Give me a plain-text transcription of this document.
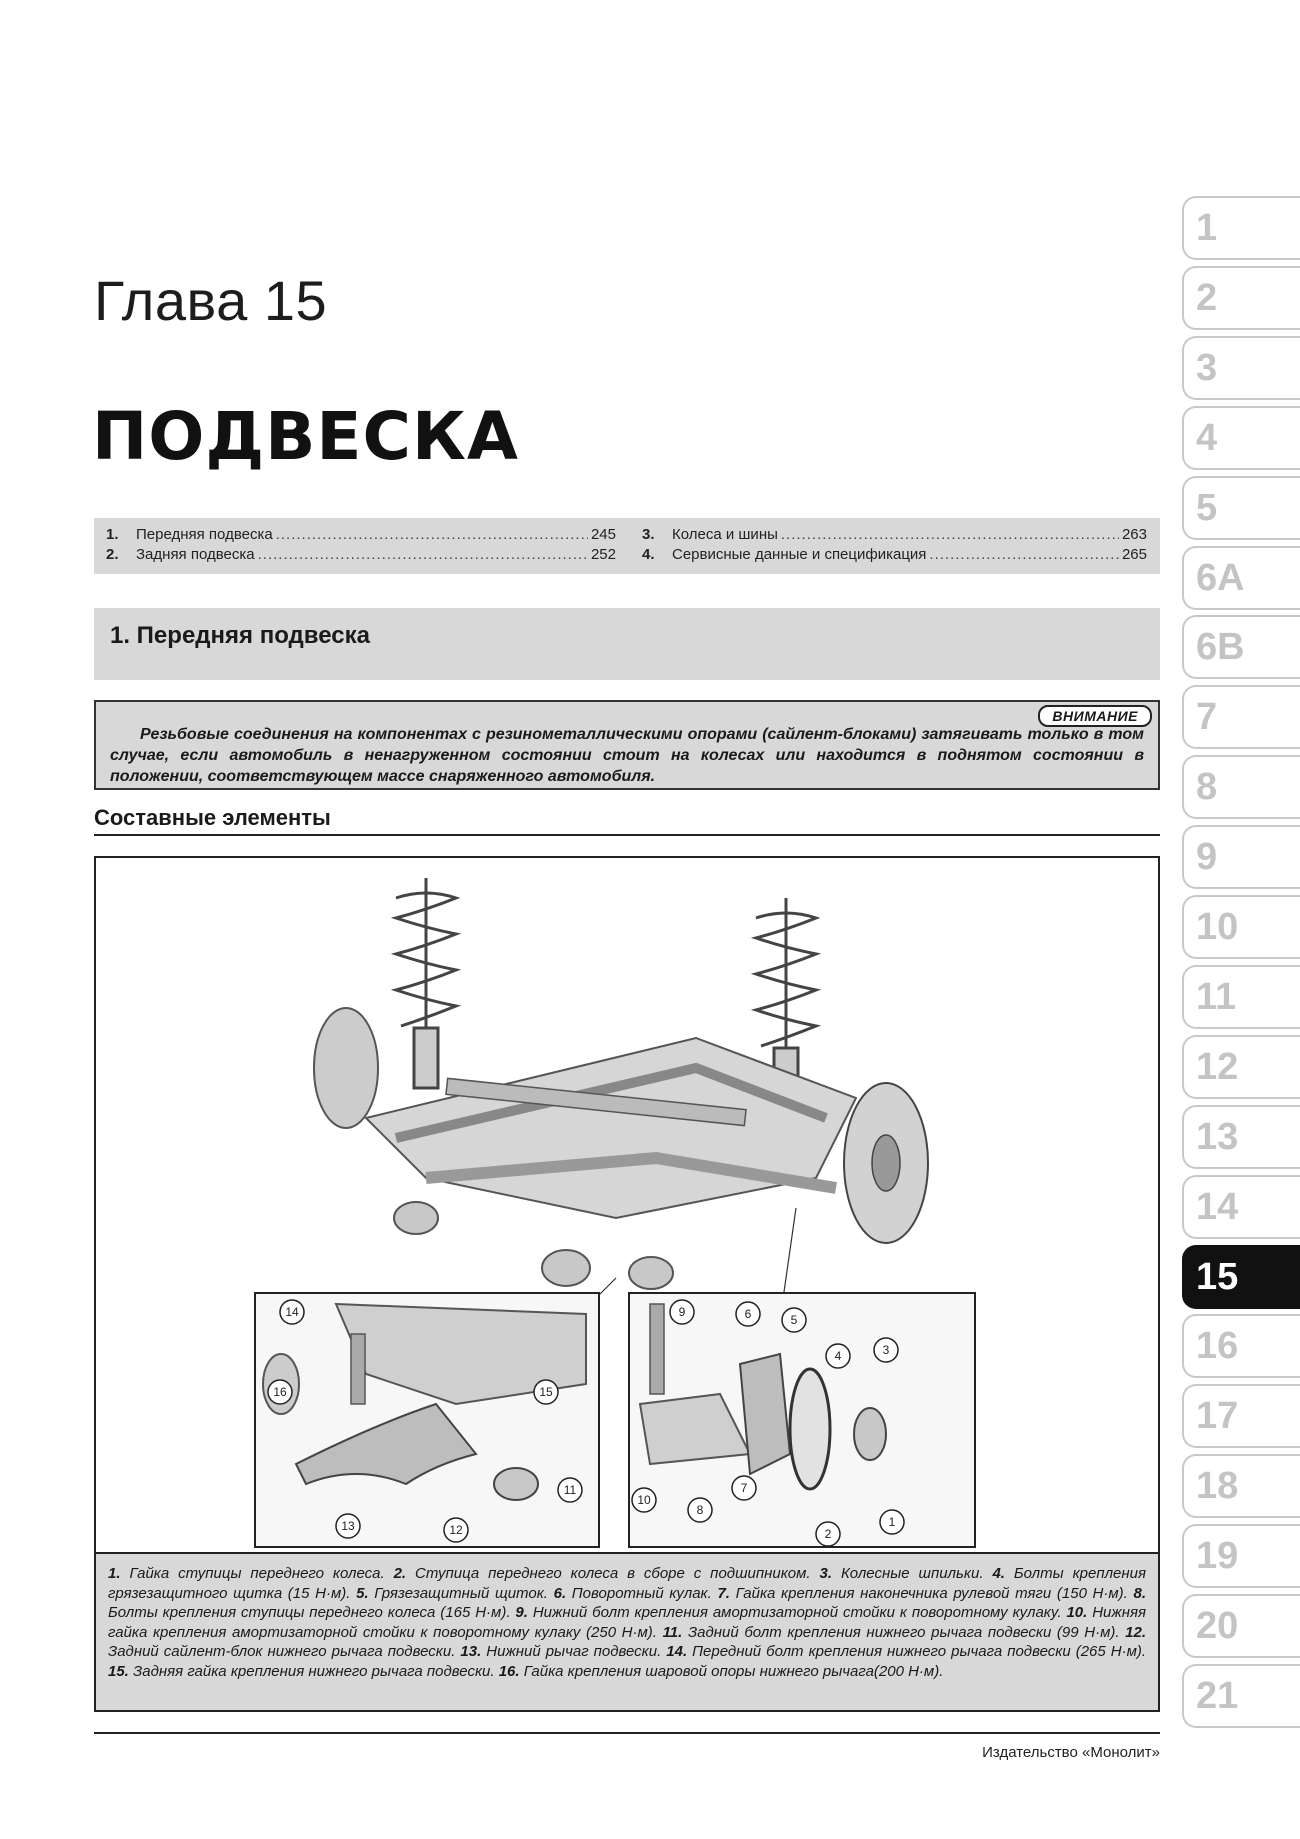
Глава 15
ПОДВЕСКА
1.	Передняя подвеска .....	245
2.	Задняя подвеска .....	252
3.	Колеса и шины .....	263
4.	Сервисные данные и спецификация .....	265
1. Передняя подвеска
ВНИМАНИЕ
Резьбовые соединения на компонентах с резинометаллическими опорами (сайлент-блоками) затягивать только в том случае, если автомобиль в ненагруженном состоянии стоит на колесах или находится в поднятом состоянии в положении, соответствующем массе снаряженного автомобиля.
Составные элементы
14
16	15
13	12
11
9	6	5
4	3
10
8
7
2
1
1. Гайка ступицы переднего колеса. 2. Ступица переднего колеса в сборе с подшипником. 3. Колесные шпильки. 4. Болты крепления грязезащитного щитка (15 Н·м). 5. Грязезащитный щиток. 6. Поворотный кулак. 7. Гайка крепления наконечника рулевой тяги (150 Н·м). 8. Болты крепления ступицы переднего колеса (165 Н·м). 9. Нижний болт крепления амортизаторной стойки к поворотному кулаку. 10. Нижняя гайка крепления амортизаторной стойки к поворотному кулаку (250 Н·м). 11. Задний болт крепления нижнего рычага подвески (99 Н·м). 12. Задний сайлент-блок нижнего рычага подвески. 13. Нижний рычаг подвески. 14. Передний болт крепления нижнего рычага подвески (265 Н·м). 15. Задняя гайка крепления нижнего рычага подвески. 16. Гайка крепления шаровой опоры нижнего рычага(200 Н·м).
Издательство «Монолит»
1
2
3
4
5
6A
6B
7
8
9
10
11
12
13
14
15
16
17
18
19
20
21
